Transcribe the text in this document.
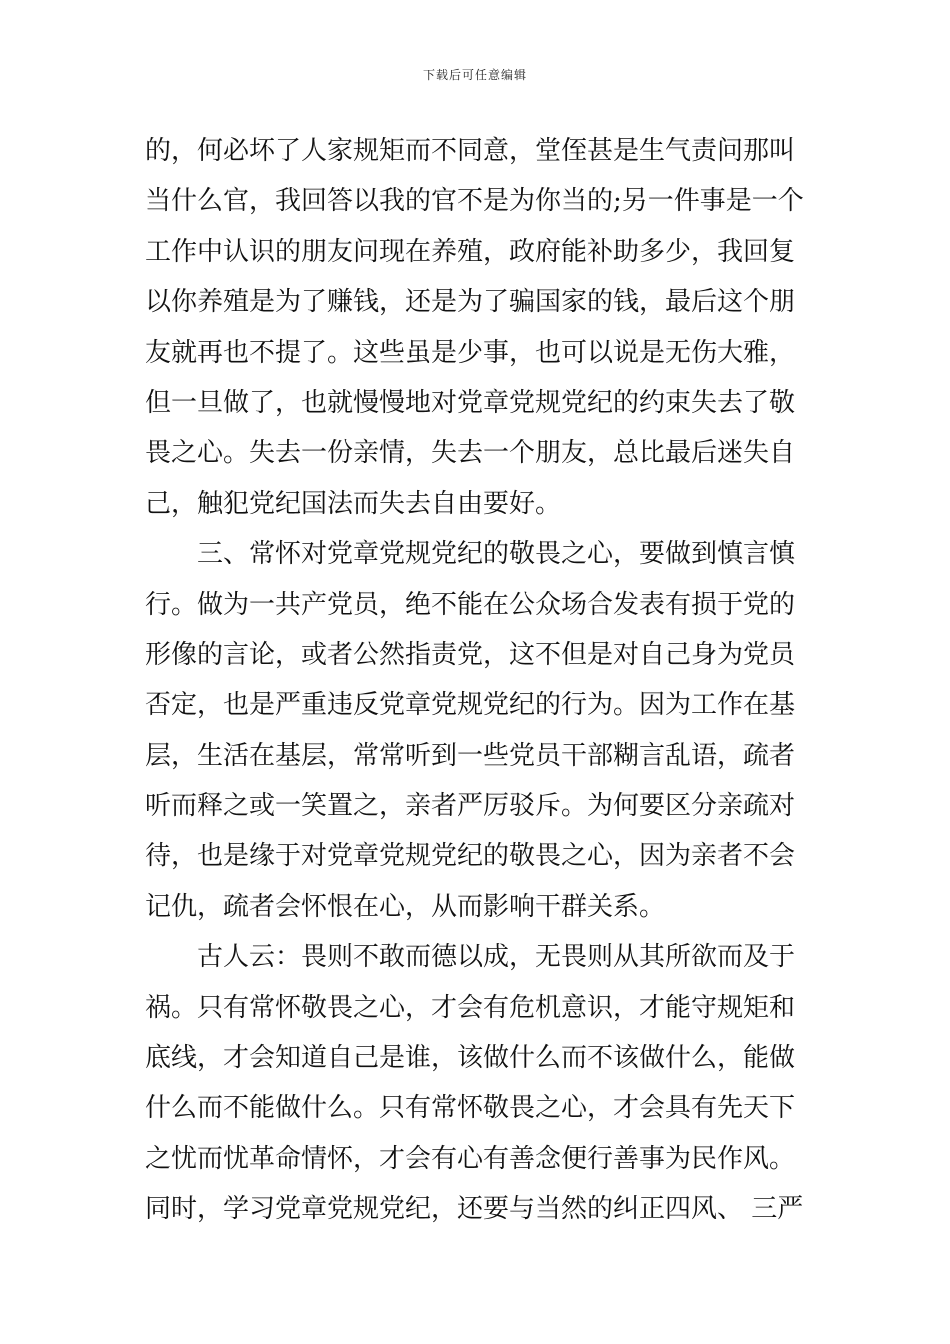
下载后可任意编辑
的，何必坏了人家规矩而不同意，堂侄甚是生气责问那叫
当什么官，我回答以我的官不是为你当的;另一件事是一个
工作中认识的朋友问现在养殖，政府能补助多少，我回复
以你养殖是为了赚钱，还是为了骗国家的钱，最后这个朋
友就再也不提了。这些虽是少事，也可以说是无伤大雅，
但一旦做了，也就慢慢地对党章党规党纪的约束失去了敬
畏之心。失去一份亲情，失去一个朋友，总比最后迷失自
己，触犯党纪国法而失去自由要好。
三、常怀对党章党规党纪的敬畏之心，要做到慎言慎
行。做为一共产党员，绝不能在公众场合发表有损于党的
形像的言论，或者公然指责党，这不但是对自己身为党员
否定，也是严重违反党章党规党纪的行为。因为工作在基
层，生活在基层，常常听到一些党员干部糊言乱语，疏者
听而释之或一笑置之，亲者严厉驳斥。为何要区分亲疏对
待，也是缘于对党章党规党纪的敬畏之心，因为亲者不会
记仇，疏者会怀恨在心，从而影响干群关系。
古人云：畏则不敢而德以成，无畏则从其所欲而及于
祸。只有常怀敬畏之心，才会有危机意识，才能守规矩和
底线，才会知道自己是谁，该做什么而不该做什么，能做
什么而不能做什么。只有常怀敬畏之心，才会具有先天下
之忧而忧革命情怀，才会有心有善念便行善事为民作风。
同时，学习党章党规党纪，还要与当然的纠正四风、 三严
